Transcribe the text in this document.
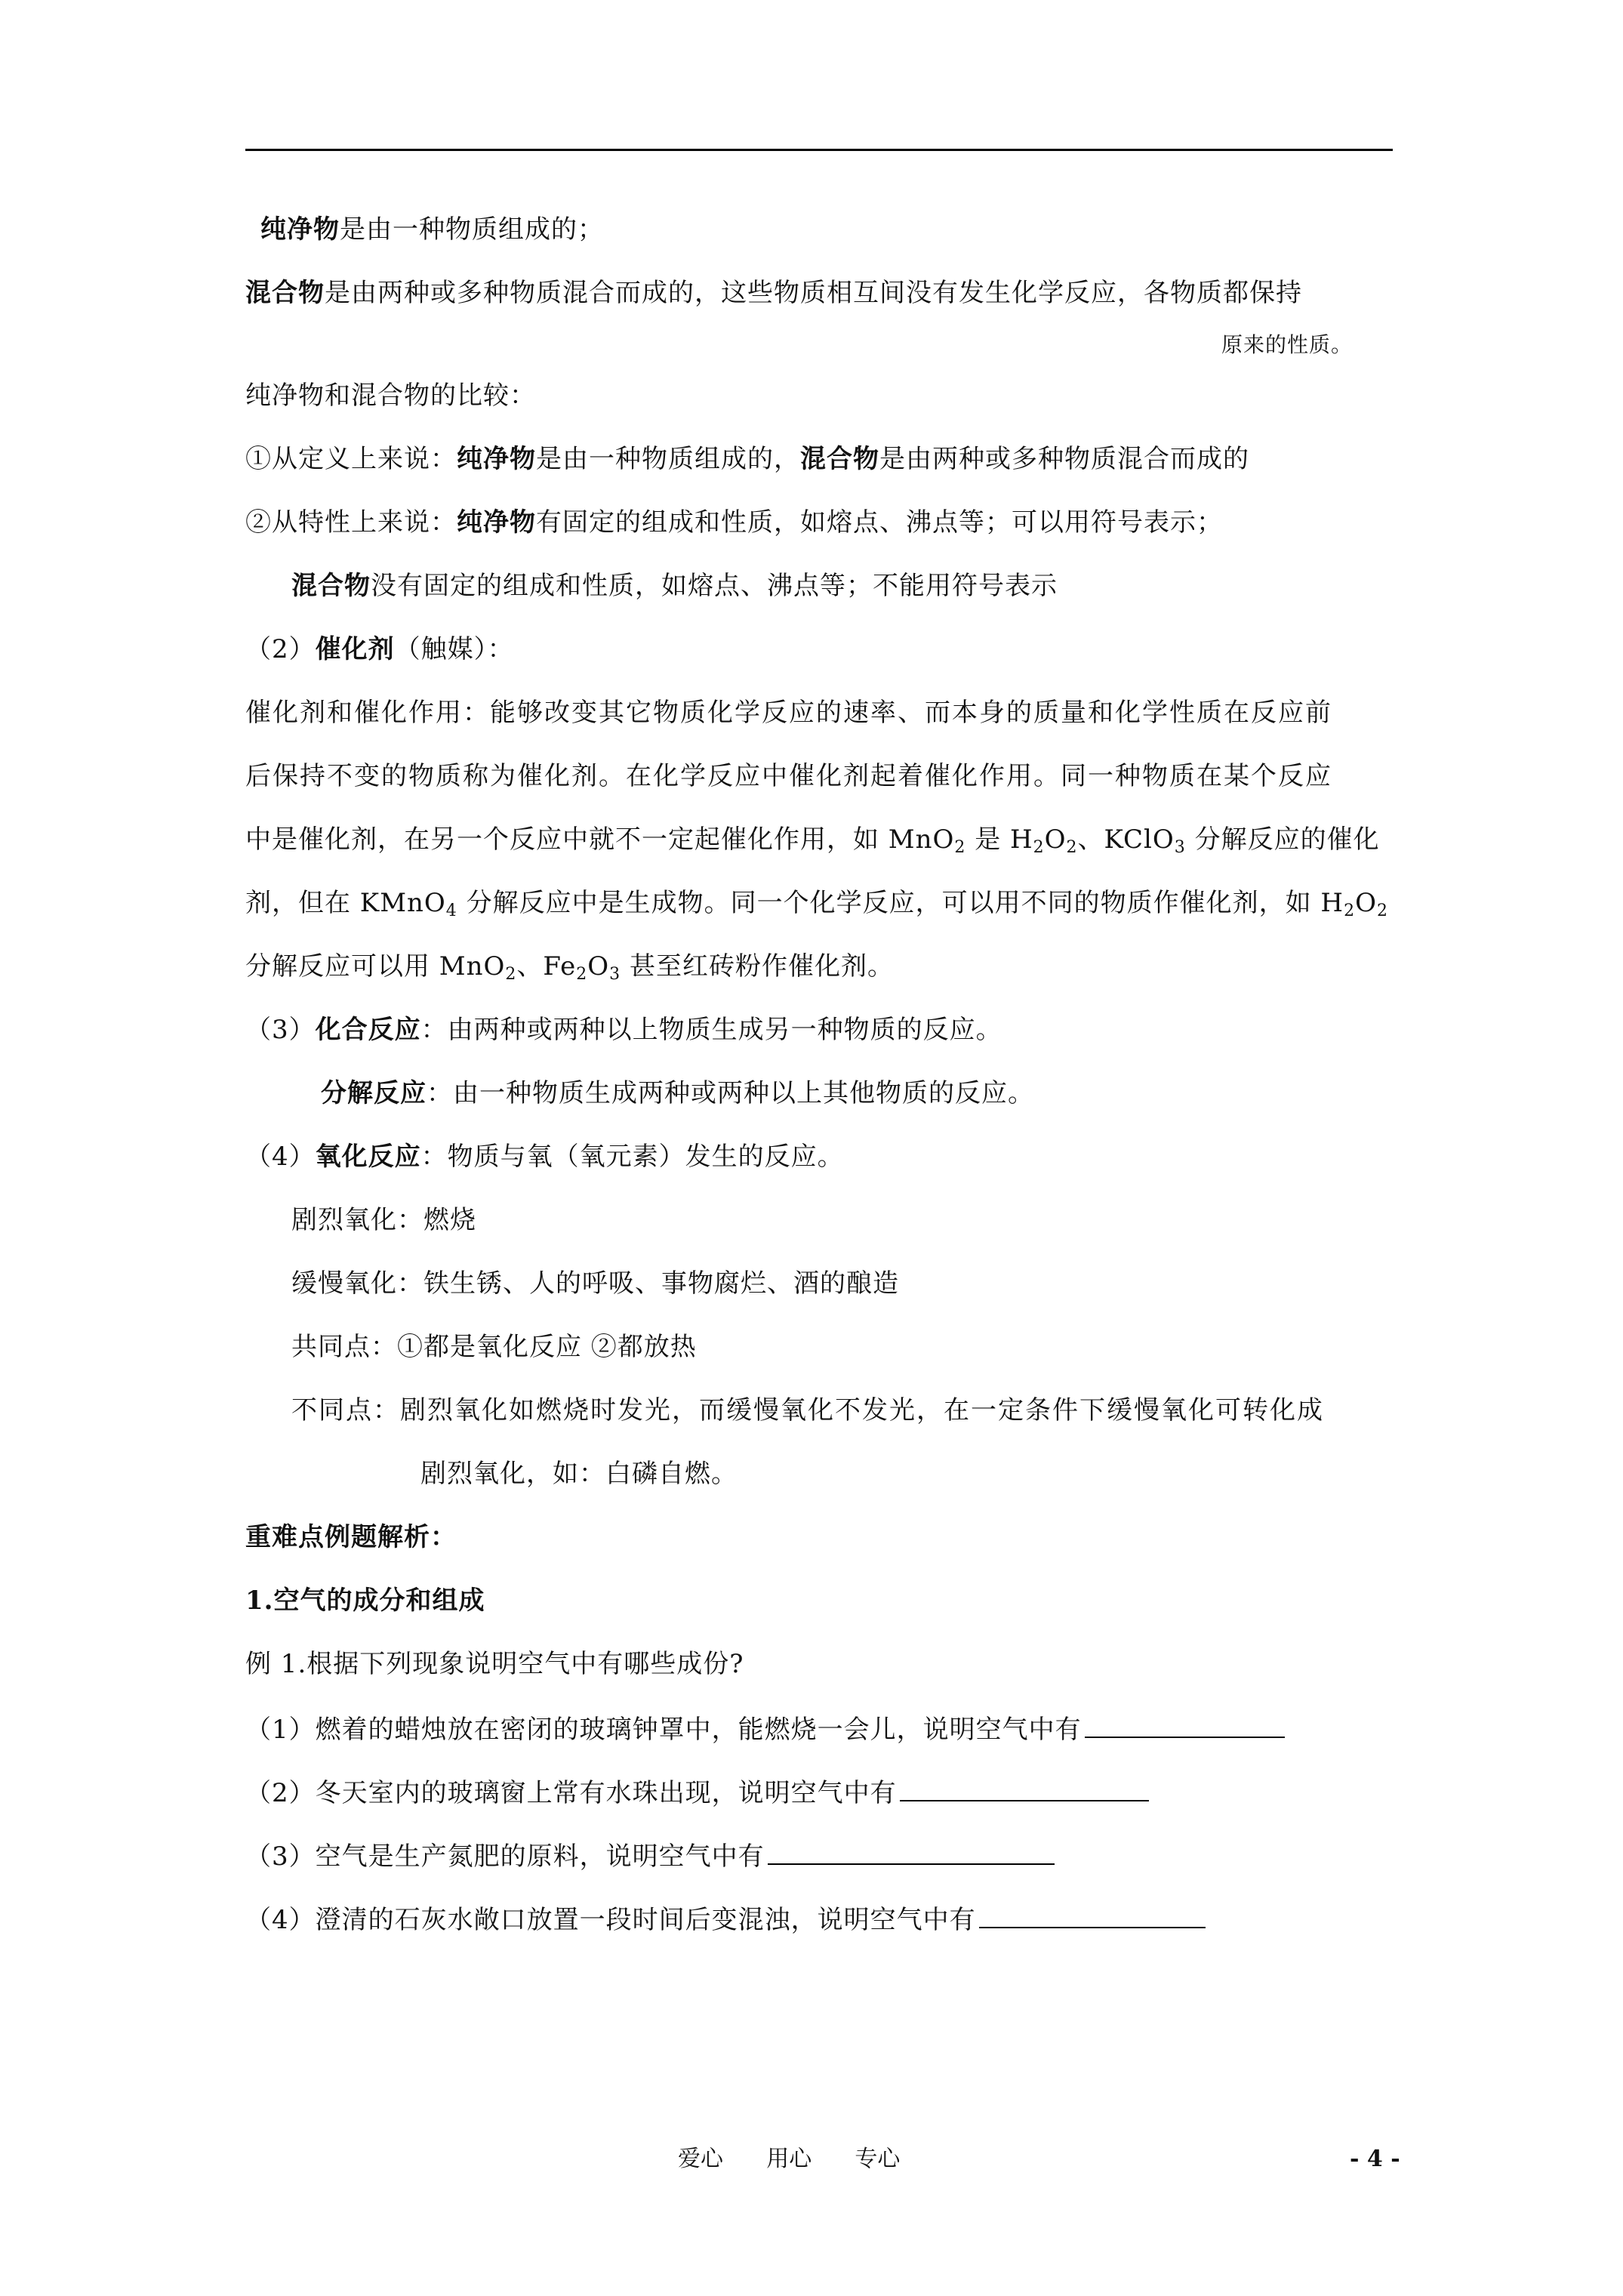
纯净物是由一种物质组成的；
混合物是由两种或多种物质混合而成的，这些物质相互间没有发生化学反应，各物质都保持
原来的性质。
纯净物和混合物的比较：
①从定义上来说：纯净物是由一种物质组成的，混合物是由两种或多种物质混合而成的
②从特性上来说：纯净物有固定的组成和性质，如熔点、沸点等；可以用符号表示；
混合物没有固定的组成和性质，如熔点、沸点等；不能用符号表示
（2）催化剂（触媒）：
催化剂和催化作用：能够改变其它物质化学反应的速率、而本身的质量和化学性质在反应前
后保持不变的物质称为催化剂。在化学反应中催化剂起着催化作用。同一种物质在某个反应
中是催化剂，在另一个反应中就不一定起催化作用，如 MnO$_2$ 是 $H_2O_2$、KClO$_3$ 分解反应的催化
剂，但在 KMnO$_4$ 分解反应中是生成物。同一个化学反应，可以用不同的物质作催化剂，如 $H_2O_2$
分解反应可以用 MnO$_2$、$Fe_2O_3$ 甚至红砖粉作催化剂。
（3）化合反应：由两种或两种以上物质生成另一种物质的反应。
分解反应：由一种物质生成两种或两种以上其他物质的反应。
（4）氧化反应：物质与氧（氧元素）发生的反应。
剧烈氧化：燃烧
缓慢氧化：铁生锈、人的呼吸、事物腐烂、酒的酿造
共同点：①都是氧化反应 ②都放热
不同点：剧烈氧化如燃烧时发光，而缓慢氧化不发光，在一定条件下缓慢氧化可转化成
剧烈氧化，如：白磷自燃。
重难点例题解析：
1.空气的成分和组成
例 1.根据下列现象说明空气中有哪些成份?
（1）燃着的蜡烛放在密闭的玻璃钟罩中，能燃烧一会儿，说明空气中有
（2）冬天室内的玻璃窗上常有水珠出现，说明空气中有
（3）空气是生产氮肥的原料，说明空气中有
（4）澄清的石灰水敞口放置一段时间后变混浊，说明空气中有
爱心      用心      专心	- 4 -
